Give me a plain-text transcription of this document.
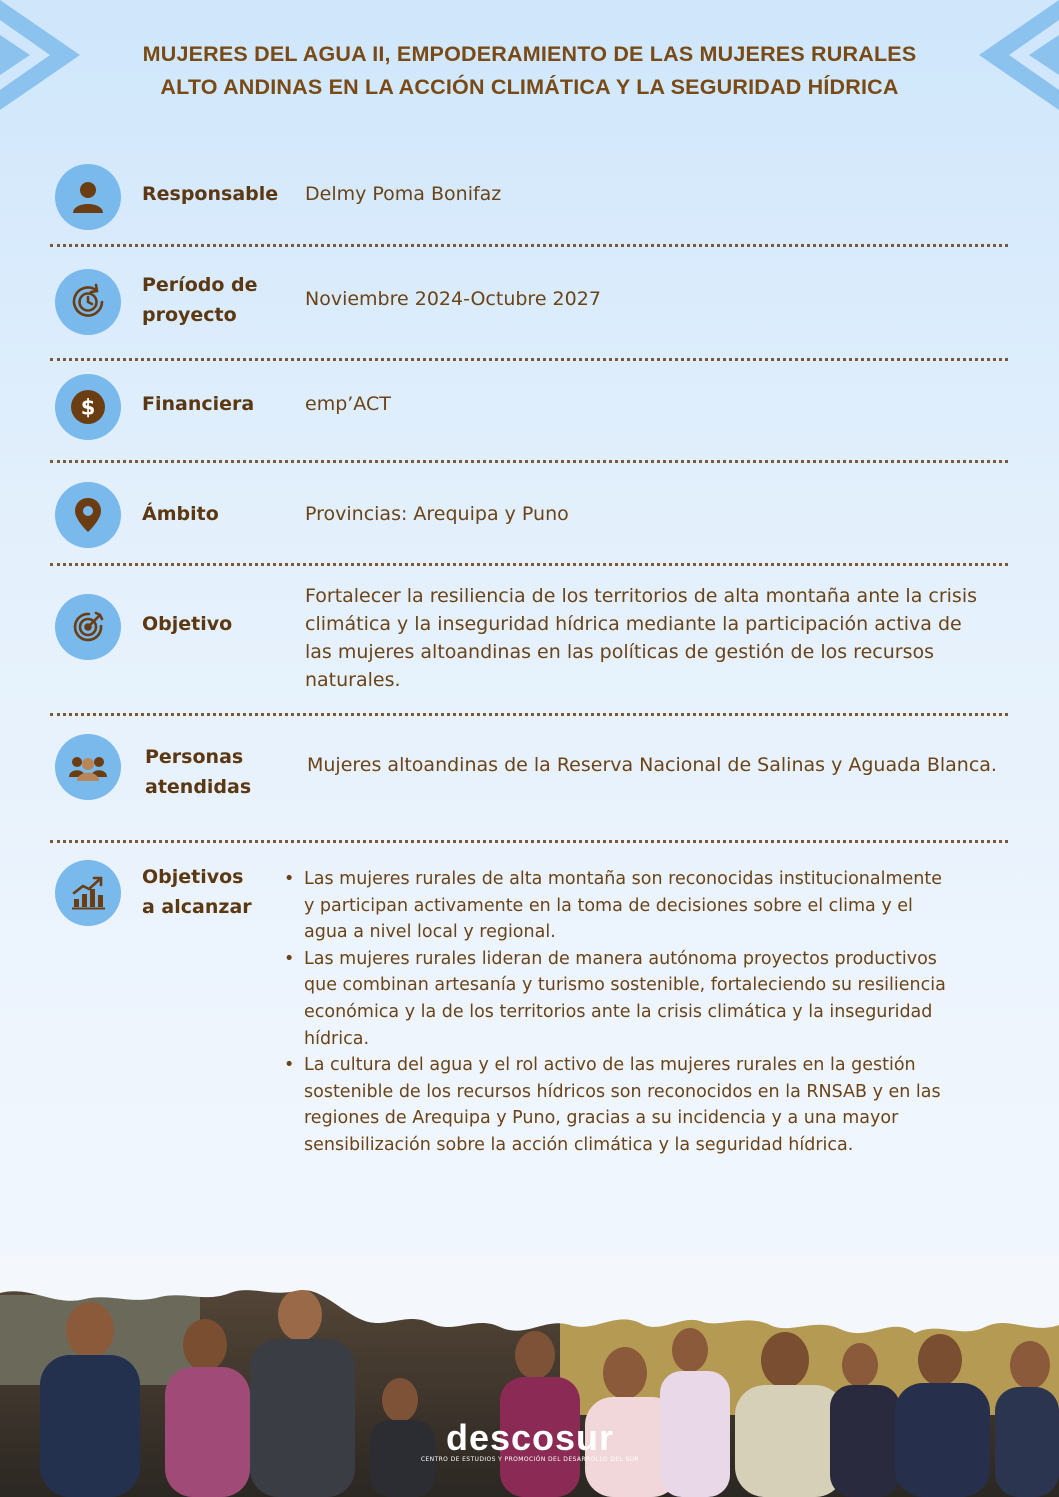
MUJERES DEL AGUA II, EMPODERAMIENTO DE LAS MUJERES RURALES
ALTO ANDINAS EN LA ACCIÓN CLIMÁTICA Y LA SEGURIDAD HÍDRICA
Responsable Delmy Poma Bonifaz
Período de
proyecto
Noviembre 2024-Octubre 2027
$ Financiera	emp’ACT
Ámbito	Provincias: Arequipa y Puno
Objetivo
Fortalecer la resiliencia de los territorios de alta montaña ante la crisis
climática y la inseguridad hídrica mediante la participación activa de
las mujeres altoandinas en las políticas de gestión de los recursos
naturales.
Personas
atendidas
Mujeres altoandinas de la Reserva Nacional de Salinas y Aguada Blanca.
Objetivos
a alcanzar
• Las mujeres rurales de alta montaña son reconocidas institucionalmente
y participan activamente en la toma de decisiones sobre el clima y el
agua a nivel local y regional.
• Las mujeres rurales lideran de manera autónoma proyectos productivos
que combinan artesanía y turismo sostenible, fortaleciendo su resiliencia
económica y la de los territorios ante la crisis climática y la inseguridad
hídrica.
• La cultura del agua y el rol activo de las mujeres rurales en la gestión
sostenible de los recursos hídricos son reconocidos en la RNSAB y en las
regiones de Arequipa y Puno, gracias a su incidencia y a una mayor
sensibilización sobre la acción climática y la seguridad hídrica.
descosur
CENTRO DE ESTUDIOS Y PROMOCIÓN DEL DESARROLLO DEL SUR
